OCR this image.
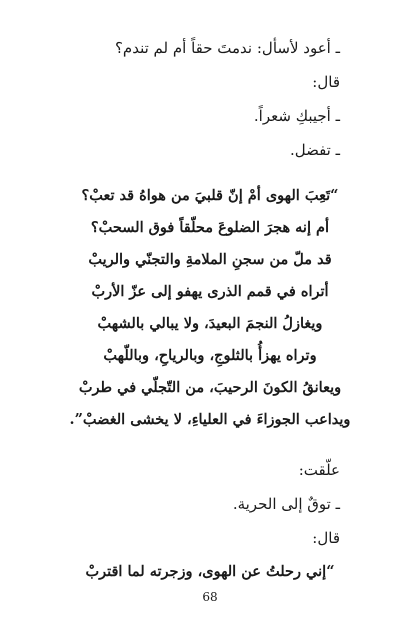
ـ أعود لأسأل: ندمتَ حقاً أم لم تندم؟
قال:
ـ أجيبكِ شعراً.
ـ تفضل.
“تَعِبَ الهوى أمْ إنّ قلبيَ من هواهُ قد تعبْ؟
أم إنه هجرَ الضلوعَ محلّقاً فوق السحبْ؟
قد ملّ من سجنِ الملامةِ والتجنّي والريبْ
أتراه في قمم الذرى يهفو إلى عزّ الأربْ
ويغازلُ النجمَ البعيدَ، ولا يبالي بالشهبْ
وتراه يهزأُ بالثلوجِ، وبالرياحِ، وباللّهبْ
ويعانقُ الكونَ الرحيبَ، من التّجلّي في طربْ
ويداعب الجوزاءَ في العلياءِ، لا يخشى الغضبْ”.
علّقت:
ـ توقٌ إلى الحرية.
قال:
“إني رحلتُ عن الهوى، وزجرته لما اقتربْ
68
